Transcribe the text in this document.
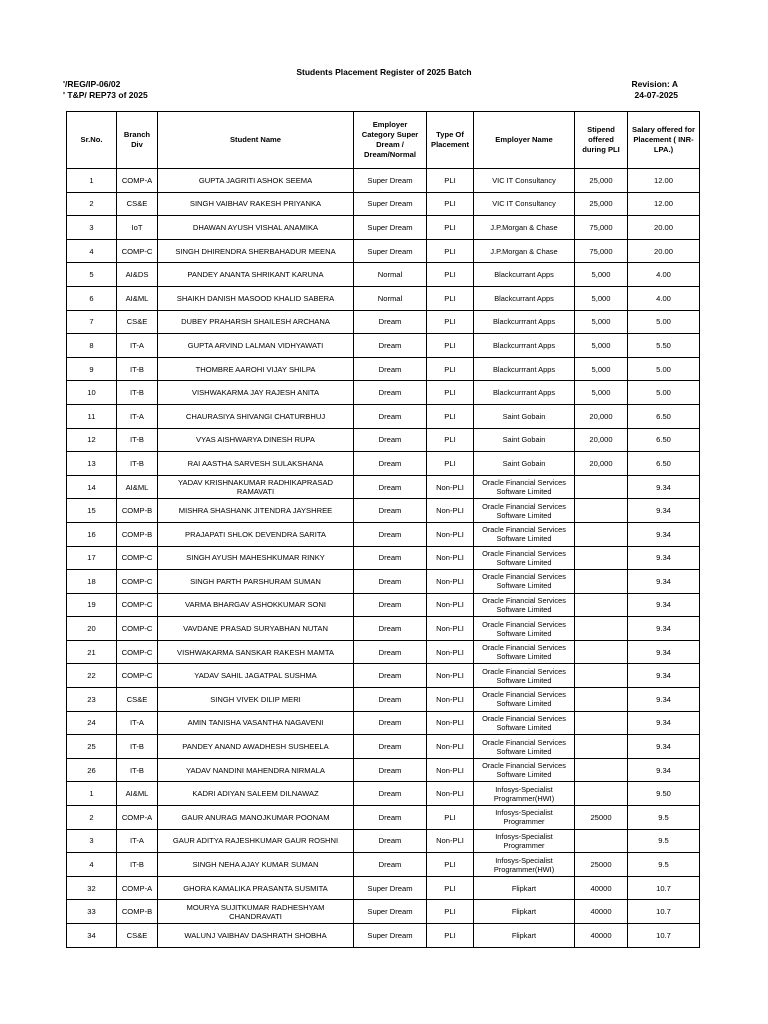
Students Placement Register of 2025 Batch
'/REG/IP-06/02
' T&P/ REP73 of 2025
Revision: A
24-07-2025
Sr.No.	Branch Div	Student Name	Employer Category Super Dream / Dream/Normal	Type Of Placement	Employer Name	Stipend offered during PLI	Salary offered for Placement ( INR-LPA.)
1	COMP-A	GUPTA JAGRITI ASHOK SEEMA	Super Dream	PLI	VIC IT Consultancy	25,000	12.00
2	CS&E	SINGH VAIBHAV RAKESH PRIYANKA	Super Dream	PLI	VIC IT Consultancy	25,000	12.00
3	IoT	DHAWAN AYUSH VISHAL ANAMIKA	Super Dream	PLI	J.P.Morgan & Chase	75,000	20.00
4	COMP-C	SINGH DHIRENDRA SHERBAHADUR MEENA	Super Dream	PLI	J.P.Morgan & Chase	75,000	20.00
5	AI&DS	PANDEY ANANTA SHRIKANT KARUNA	Normal	PLI	Blackcurrant Apps	5,000	4.00
6	AI&ML	SHAIKH DANISH MASOOD KHALID SABERA	Normal	PLI	Blackcurrant Apps	5,000	4.00
7	CS&E	DUBEY PRAHARSH SHAILESH ARCHANA	Dream	PLI	Blackcurrrant Apps	5,000	5.00
8	IT-A	GUPTA ARVIND LALMAN VIDHYAWATI	Dream	PLI	Blackcurrrant Apps	5,000	5.50
9	IT-B	THOMBRE AAROHI VIJAY SHILPA	Dream	PLI	Blackcurrrant Apps	5,000	5.00
10	IT-B	VISHWAKARMA JAY RAJESH ANITA	Dream	PLI	Blackcurrrant Apps	5,000	5.00
11	IT-A	CHAURASIYA SHIVANGI CHATURBHUJ	Dream	PLI	Saint Gobain	20,000	6.50
12	IT-B	VYAS AISHWARYA DINESH RUPA	Dream	PLI	Saint Gobain	20,000	6.50
13	IT-B	RAI AASTHA SARVESH SULAKSHANA	Dream	PLI	Saint Gobain	20,000	6.50
14	AI&ML	YADAV KRISHNAKUMAR RADHIKAPRASAD RAMAVATI	Dream	Non-PLI	Oracle Financial Services Software Limited		9.34
15	COMP-B	MISHRA SHASHANK JITENDRA JAYSHREE	Dream	Non-PLI	Oracle Financial Services Software Limited		9.34
16	COMP-B	PRAJAPATI SHLOK DEVENDRA SARITA	Dream	Non-PLI	Oracle Financial Services Software Limited		9.34
17	COMP-C	SINGH AYUSH MAHESHKUMAR RINKY	Dream	Non-PLI	Oracle Financial Services Software Limited		9.34
18	COMP-C	SINGH PARTH PARSHURAM SUMAN	Dream	Non-PLI	Oracle Financial Services Software Limited		9.34
19	COMP-C	VARMA BHARGAV ASHOKKUMAR SONI	Dream	Non-PLI	Oracle Financial Services Software Limited		9.34
20	COMP-C	VAVDANE PRASAD SURYABHAN NUTAN	Dream	Non-PLI	Oracle Financial Services Software Limited		9.34
21	COMP-C	VISHWAKARMA SANSKAR RAKESH MAMTA	Dream	Non-PLI	Oracle Financial Services Software Limited		9.34
22	COMP-C	YADAV SAHIL JAGATPAL SUSHMA	Dream	Non-PLI	Oracle Financial Services Software Limited		9.34
23	CS&E	SINGH VIVEK DILIP MERI	Dream	Non-PLI	Oracle Financial Services Software Limited		9.34
24	IT-A	AMIN TANISHA VASANTHA NAGAVENI	Dream	Non-PLI	Oracle Financial Services Software Limited		9.34
25	IT-B	PANDEY ANAND AWADHESH SUSHEELA	Dream	Non-PLI	Oracle Financial Services Software Limited		9.34
26	IT-B	YADAV NANDINI MAHENDRA NIRMALA	Dream	Non-PLI	Oracle Financial Services Software Limited		9.34
1	AI&ML	KADRI ADIYAN SALEEM DILNAWAZ	Dream	Non-PLI	Infosys-Specialist Programmer(HWI)		9.50
2	COMP-A	GAUR ANURAG MANOJKUMAR POONAM	Dream	PLI	Infosys-Specialist Programmer	25000	9.5
3	IT-A	GAUR ADITYA RAJESHKUMAR GAUR ROSHNI	Dream	Non-PLI	Infosys-Specialist Programmer		9.5
4	IT-B	SINGH NEHA AJAY KUMAR SUMAN	Dream	PLI	Infosys-Specialist Programmer(HWI)	25000	9.5
32	COMP-A	GHORA KAMALIKA PRASANTA SUSMITA	Super Dream	PLI	Flipkart	40000	10.7
33	COMP-B	MOURYA SUJITKUMAR RADHESHYAM CHANDRAVATI	Super Dream	PLI	Flipkart	40000	10.7
34	CS&E	WALUNJ VAIBHAV DASHRATH SHOBHA	Super Dream	PLI	Flipkart	40000	10.7
